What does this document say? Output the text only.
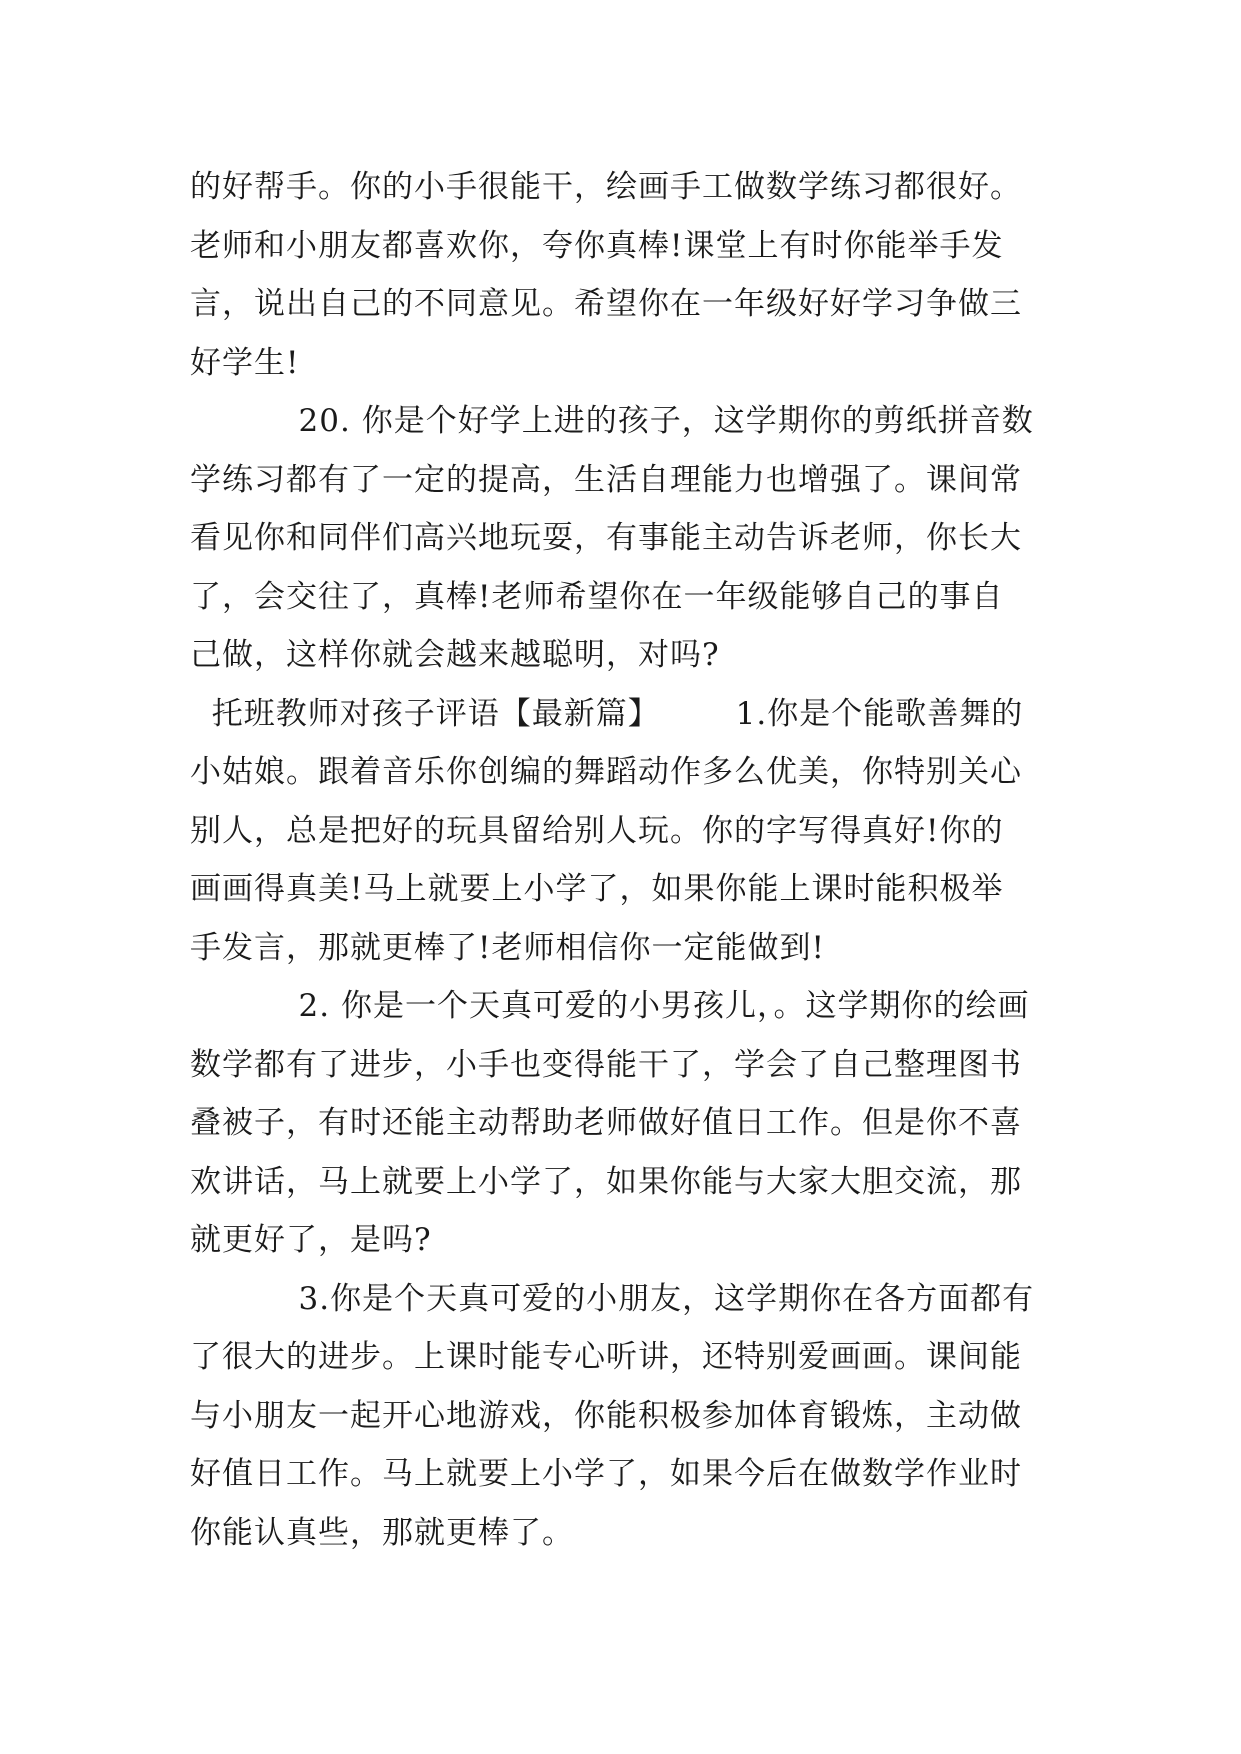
的好帮手。你的小手很能干，绘画手工做数学练习都很好。
老师和小朋友都喜欢你，夸你真棒!课堂上有时你能举手发
言，说出自己的不同意见。希望你在一年级好好学习争做三
好学生!
20. 你是个好学上进的孩子，这学期你的剪纸拼音数
学练习都有了一定的提高，生活自理能力也增强了。课间常
看见你和同伴们高兴地玩耍，有事能主动告诉老师，你长大
了，会交往了，真棒!老师希望你在一年级能够自己的事自
己做，这样你就会越来越聪明，对吗?
托班教师对孩子评语【最新篇】       1.你是个能歌善舞的
小姑娘。跟着音乐你创编的舞蹈动作多么优美，你特别关心
别人，总是把好的玩具留给别人玩。你的字写得真好!你的
画画得真美!马上就要上小学了，如果你能上课时能积极举
手发言，那就更棒了!老师相信你一定能做到!
2. 你是一个天真可爱的小男孩儿，。这学期你的绘画
数学都有了进步，小手也变得能干了，学会了自己整理图书
叠被子，有时还能主动帮助老师做好值日工作。但是你不喜
欢讲话，马上就要上小学了，如果你能与大家大胆交流，那
就更好了，是吗?
3.你是个天真可爱的小朋友，这学期你在各方面都有
了很大的进步。上课时能专心听讲，还特别爱画画。课间能
与小朋友一起开心地游戏，你能积极参加体育锻炼，主动做
好值日工作。马上就要上小学了，如果今后在做数学作业时
你能认真些，那就更棒了。
